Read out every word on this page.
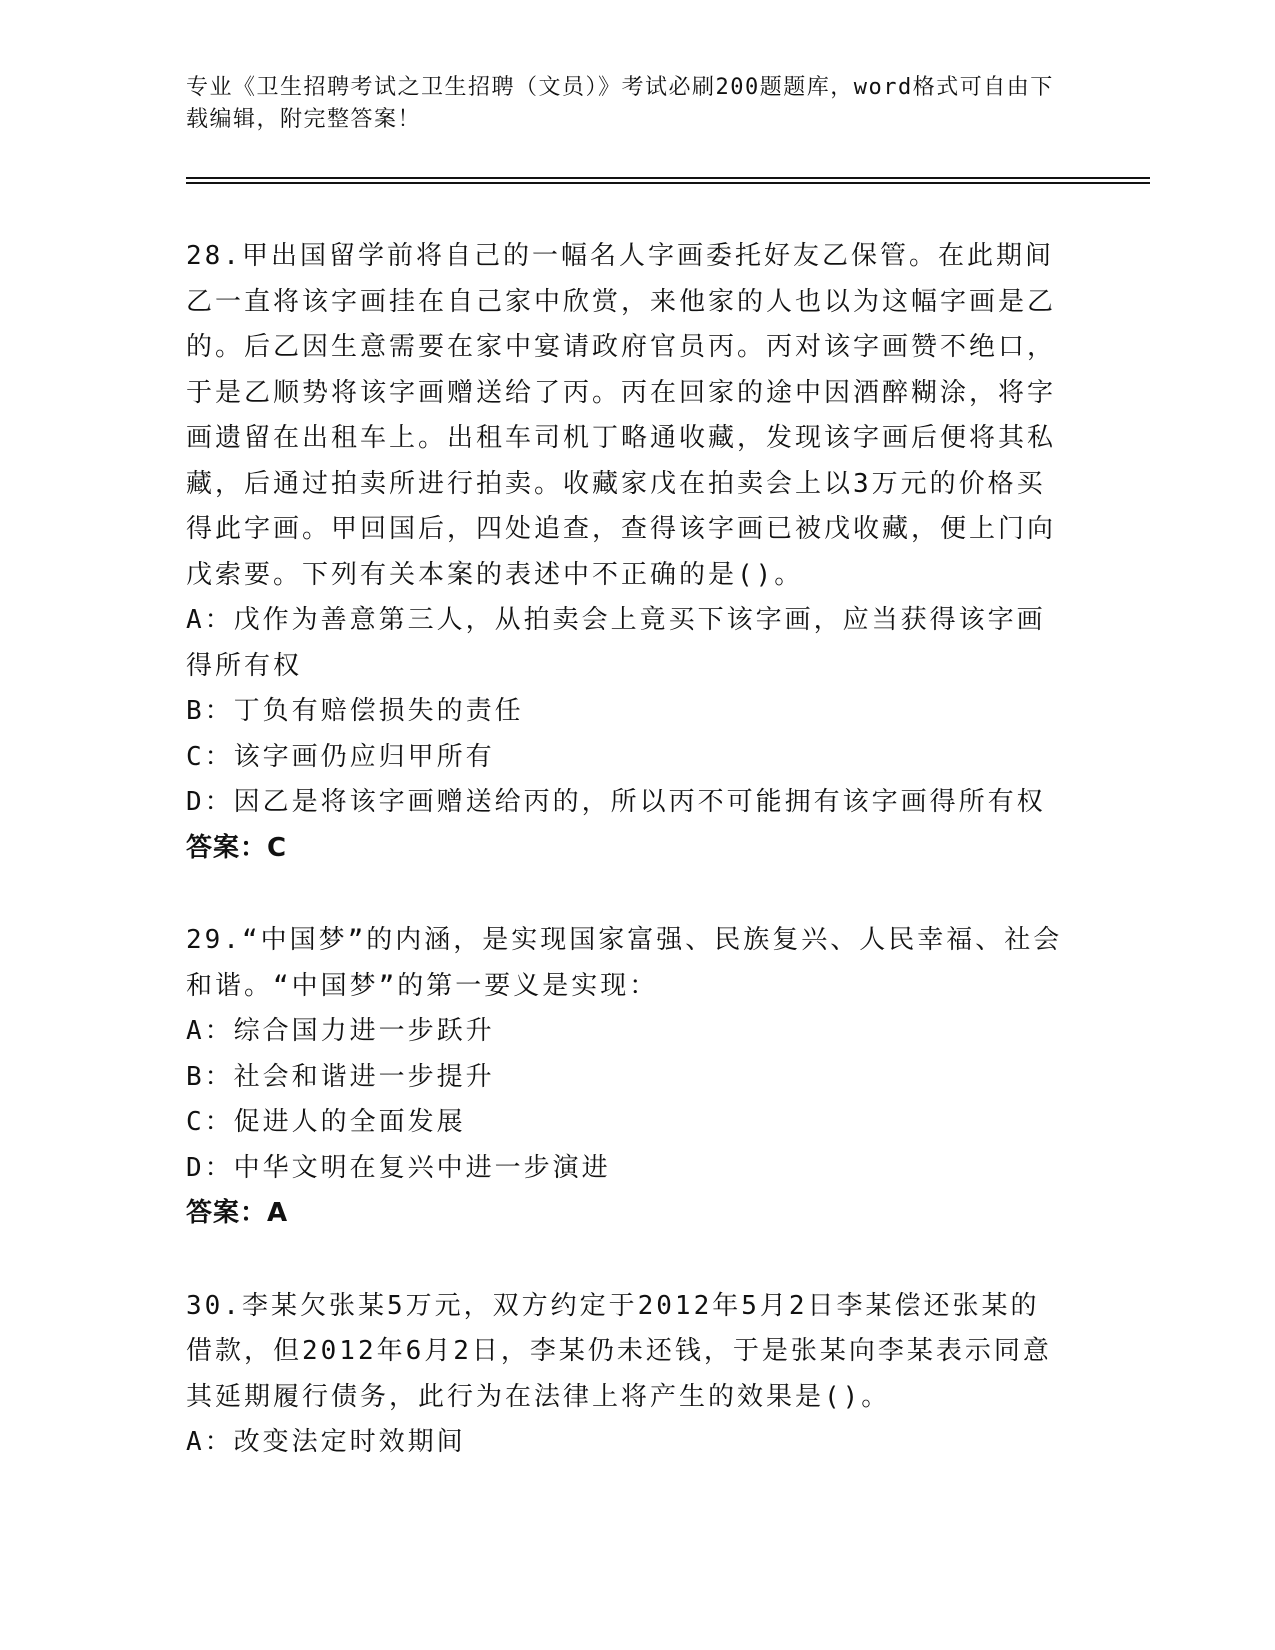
专业《卫生招聘考试之卫生招聘（文员）》考试必刷200题题库，word格式可自由下载编辑，附完整答案！

28.甲出国留学前将自己的一幅名人字画委托好友乙保管。在此期间乙一直将该字画挂在自己家中欣赏，来他家的人也以为这幅字画是乙的。后乙因生意需要在家中宴请政府官员丙。丙对该字画赞不绝口，于是乙顺势将该字画赠送给了丙。丙在回家的途中因酒醉糊涂，将字画遗留在出租车上。出租车司机丁略通收藏，发现该字画后便将其私藏，后通过拍卖所进行拍卖。收藏家戊在拍卖会上以3万元的价格买得此字画。甲回国后，四处追查，查得该字画已被戊收藏，便上门向戊索要。下列有关本案的表述中不正确的是()。

A：戊作为善意第三人，从拍卖会上竟买下该字画，应当获得该字画得所有权

B：丁负有赔偿损失的责任

C：该字画仍应归甲所有

D：因乙是将该字画赠送给丙的，所以丙不可能拥有该字画得所有权

答案：C

29.“中国梦”的内涵，是实现国家富强、民族复兴、人民幸福、社会和谐。“中国梦”的第一要义是实现：

A：综合国力进一步跃升

B：社会和谐进一步提升

C：促进人的全面发展

D：中华文明在复兴中进一步演进

答案：A

30.李某欠张某5万元，双方约定于2012年5月2日李某偿还张某的借款，但2012年6月2日，李某仍未还钱，于是张某向李某表示同意其延期履行债务，此行为在法律上将产生的效果是()。

A：改变法定时效期间
